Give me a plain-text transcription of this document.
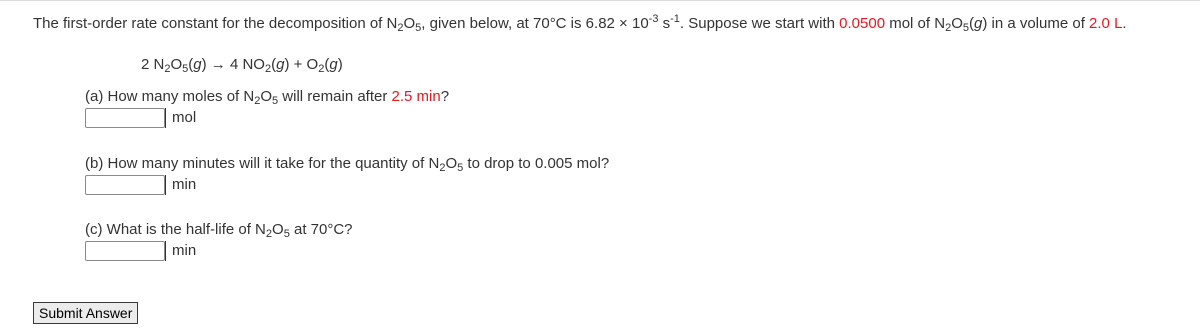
The first-order rate constant for the decomposition of $N_2O_5$, given below, at 70°C is $6.82 \times 10^{-3}$ $s^{-1}$. Suppose we start with 0.0500 mol of $N_2O_5(g)$ in a volume of 2.0 L.
2 $N_2O_5(g) \to 4$ $NO_2(g) + O_2(g)$
(a) How many moles of $N_2O_5$ will remain after 2.5 min?
mol
(b) How many minutes will it take for the quantity of $N_2O_5$ to drop to 0.005 mol?
min
(c) What is the half-life of $N_2O_5$ at 70°C?
min
Submit Answer
